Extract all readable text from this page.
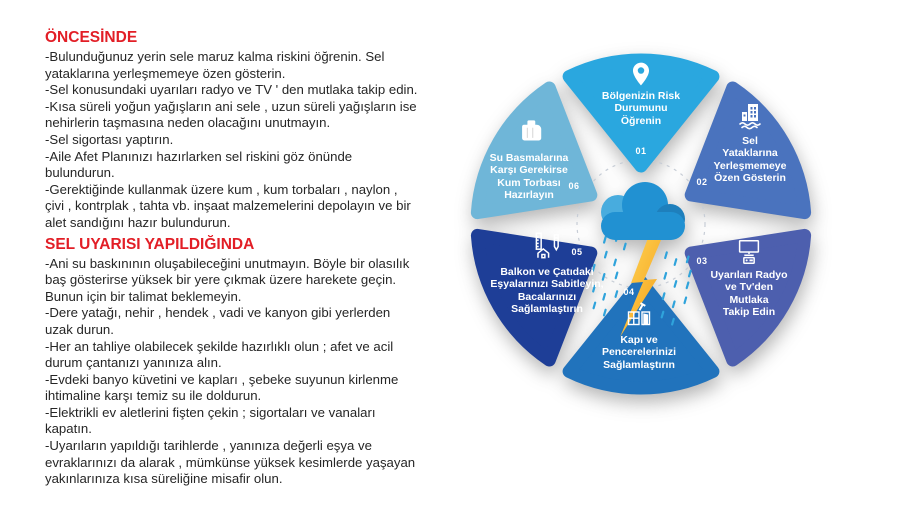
ÖNCESİNDE

-Bulunduğunuz yerin sele maruz kalma riskini öğrenin. Sel yataklarına yerleşmemeye özen gösterin.

-Sel konusundaki uyarıları radyo ve TV ' den mutlaka takip edin.

-Kısa süreli yoğun yağışların ani sele , uzun süreli yağışların ise nehirlerin taşmasına neden olacağını unutmayın.

-Sel sigortası yaptırın.

-Aile Afet Planınızı hazırlarken sel riskini göz önünde bulundurun.

-Gerektiğinde kullanmak üzere kum , kum torbaları , naylon , çivi , kontrplak , tahta vb. inşaat malzemelerini depolayın ve bir alet sandığını hazır bulundurun.

SEL UYARISI YAPILDIĞINDA

-Ani su baskınının oluşabileceğini unutmayın. Böyle bir olasılık baş gösterirse yüksek bir yere çıkmak üzere harekete geçin. Bunun için bir talimat beklemeyin.

-Dere yatağı, nehir , hendek , vadi ve kanyon gibi yerlerden uzak durun.

-Her an tahliye olabilecek şekilde hazırlıklı olun ; afet ve acil durum çantanızı yanınıza alın.

-Evdeki banyo küvetini ve kapları , şebeke suyunun kirlenme ihtimaline karşı temiz su ile doldurun.

-Elektrikli ev aletlerini fişten çekin ; sigortaları ve vanaları kapatın.

-Uyarıların yapıldığı tarihlerde , yanınıza değerli eşya ve evraklarınızı da alarak , mümkünse yüksek kesimlerde yaşayan yakınlarınıza kısa süreliğine misafir olun.

Bölgenizin Risk
Durumunu
Öğrenin
Sel
Yataklarına
Yerleşmemeye
Özen Gösterin
Uyarıları Radyo
ve Tv'den
Mutlaka
Takip Edin
Kapı ve
Pencerelerinizi
Sağlamlaştırın
Balkon ve Çatıdaki
Eşyalarınızı Sabitleyin,
Bacalarınızı
Sağlamlaştırın
Su Basmalarına
Karşı Gerekirse
Kum Torbası
Hazırlayın
01
02
03
04
05
06
